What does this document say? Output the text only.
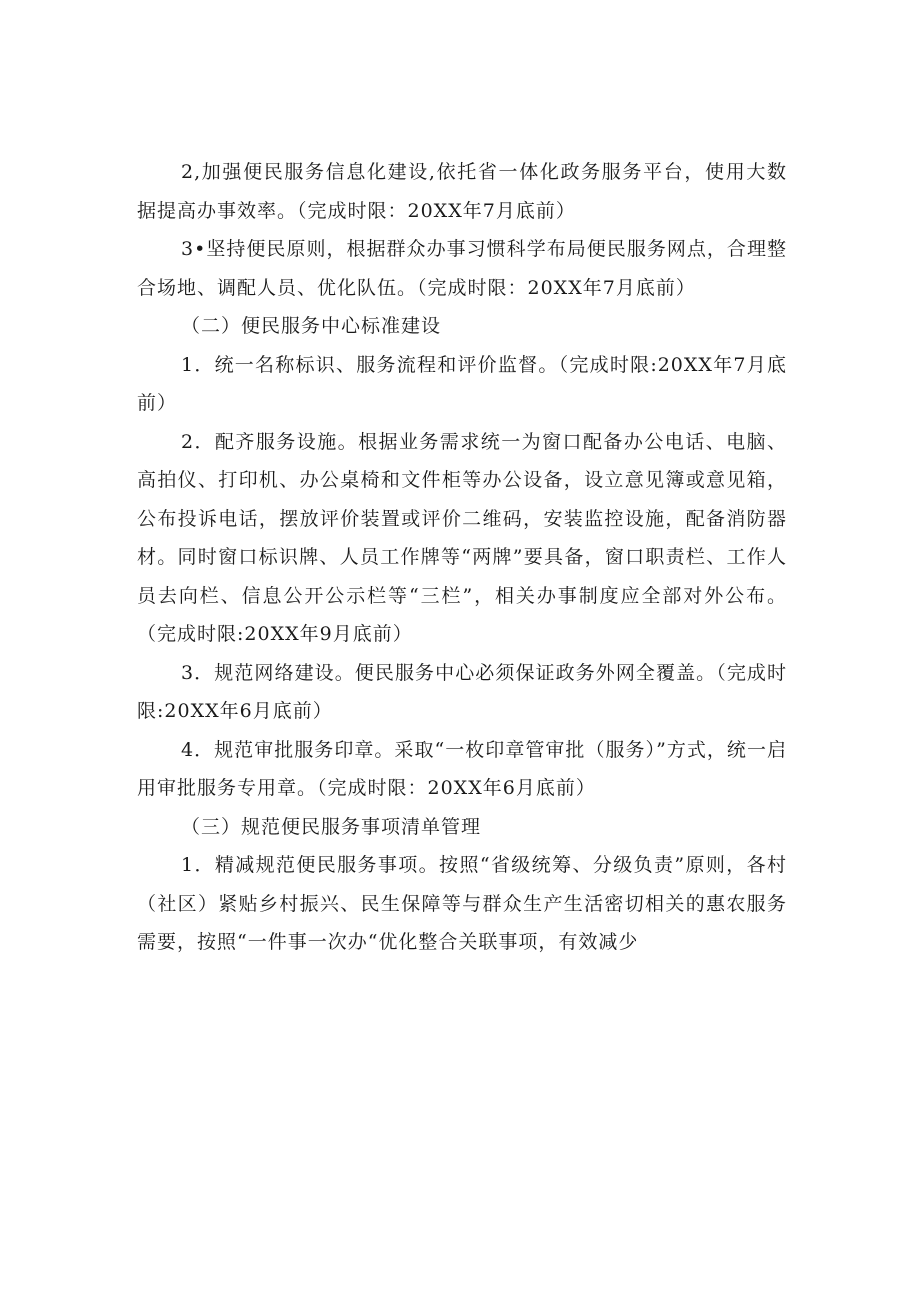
2,加强便民服务信息化建设,依托省一体化政务服务平台，使用大数据提高办事效率。（完成时限：20XX年7月底前）

3•坚持便民原则，根据群众办事习惯科学布局便民服务网点，合理整合场地、调配人员、优化队伍。（完成时限：20XX年7月底前）

（二）便民服务中心标准建设

1．统一名称标识、服务流程和评价监督。（完成时限:20XX年7月底前）

2．配齐服务设施。根据业务需求统一为窗口配备办公电话、电脑、高拍仪、打印机、办公桌椅和文件柜等办公设备，设立意见簿或意见箱，公布投诉电话，摆放评价装置或评价二维码，安装监控设施，配备消防器材。同时窗口标识牌、人员工作牌等“两牌”要具备，窗口职责栏、工作人员去向栏、信息公开公示栏等“三栏”，相关办事制度应全部对外公布。（完成时限:20XX年9月底前）

3．规范网络建设。便民服务中心必须保证政务外网全覆盖。（完成时限:20XX年6月底前）

4．规范审批服务印章。采取“一枚印章管审批（服务）”方式，统一启用审批服务专用章。（完成时限：20XX年6月底前）

（三）规范便民服务事项清单管理

1．精减规范便民服务事项。按照“省级统筹、分级负责”原则，各村（社区）紧贴乡村振兴、民生保障等与群众生产生活密切相关的惠农服务需要，按照“一件事一次办“优化整合关联事项，有效减少
